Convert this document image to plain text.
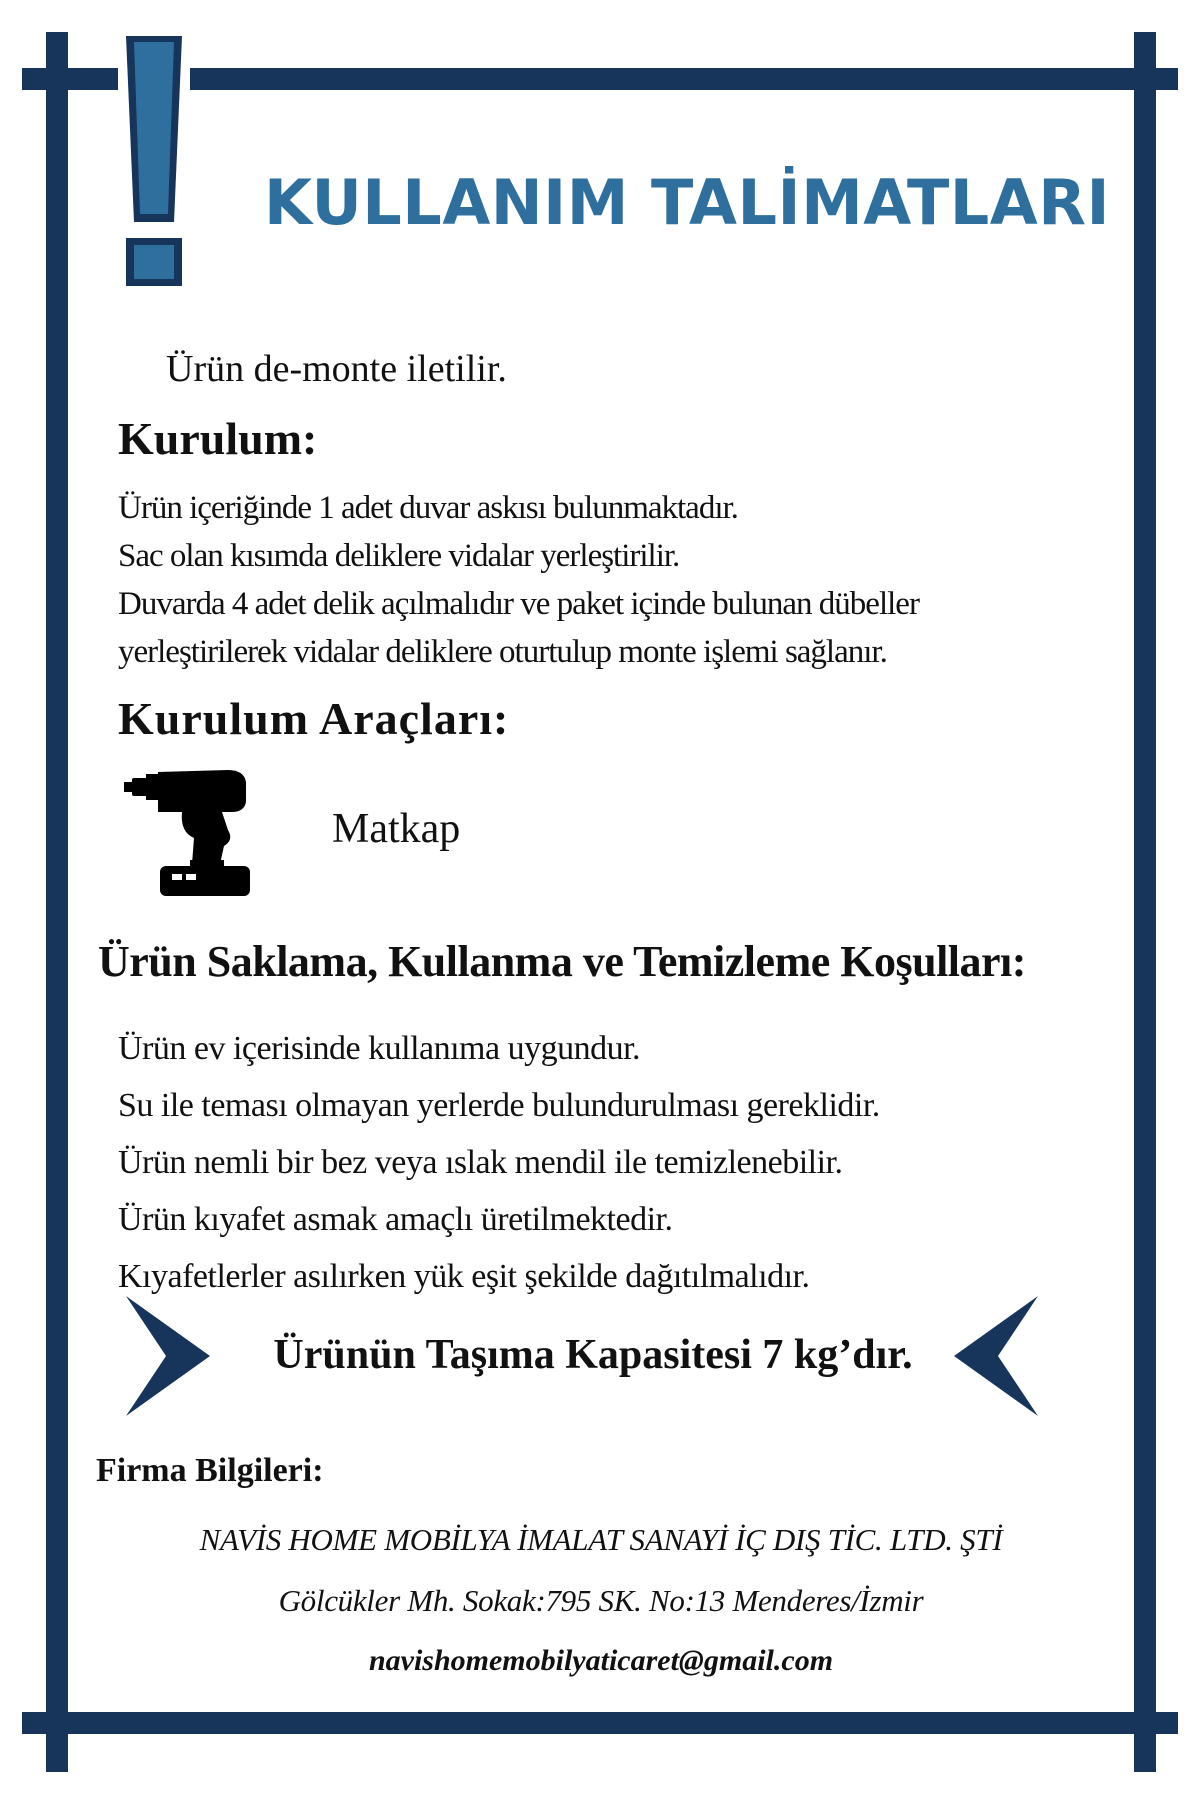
KULLANIM TALİMATLARI
Ürün de-monte iletilir.
Kurulum:
Ürün içeriğinde 1 adet duvar askısı bulunmaktadır.
Sac olan kısımda deliklere vidalar yerleştirilir.
Duvarda 4 adet delik açılmalıdır ve paket içinde bulunan dübeller
yerleştirilerek vidalar deliklere oturtulup monte işlemi sağlanır.
Kurulum Araçları:
Matkap
Ürün Saklama, Kullanma ve Temizleme Koşulları:
Ürün ev içerisinde kullanıma uygundur.
Su ile teması olmayan yerlerde bulundurulması gereklidir.
Ürün nemli bir bez veya ıslak mendil ile temizlenebilir.
Ürün kıyafet asmak amaçlı üretilmektedir.
Kıyafetlerler asılırken yük eşit şekilde dağıtılmalıdır.
Ürünün Taşıma Kapasitesi 7 kg’dır.
Firma Bilgileri:
NAVİS HOME MOBİLYA İMALAT SANAYİ İÇ DIŞ TİC. LTD. ŞTİ
Gölcükler Mh. Sokak:795 SK. No:13 Menderes/İzmir
navishomemobilyaticaret@gmail.com
